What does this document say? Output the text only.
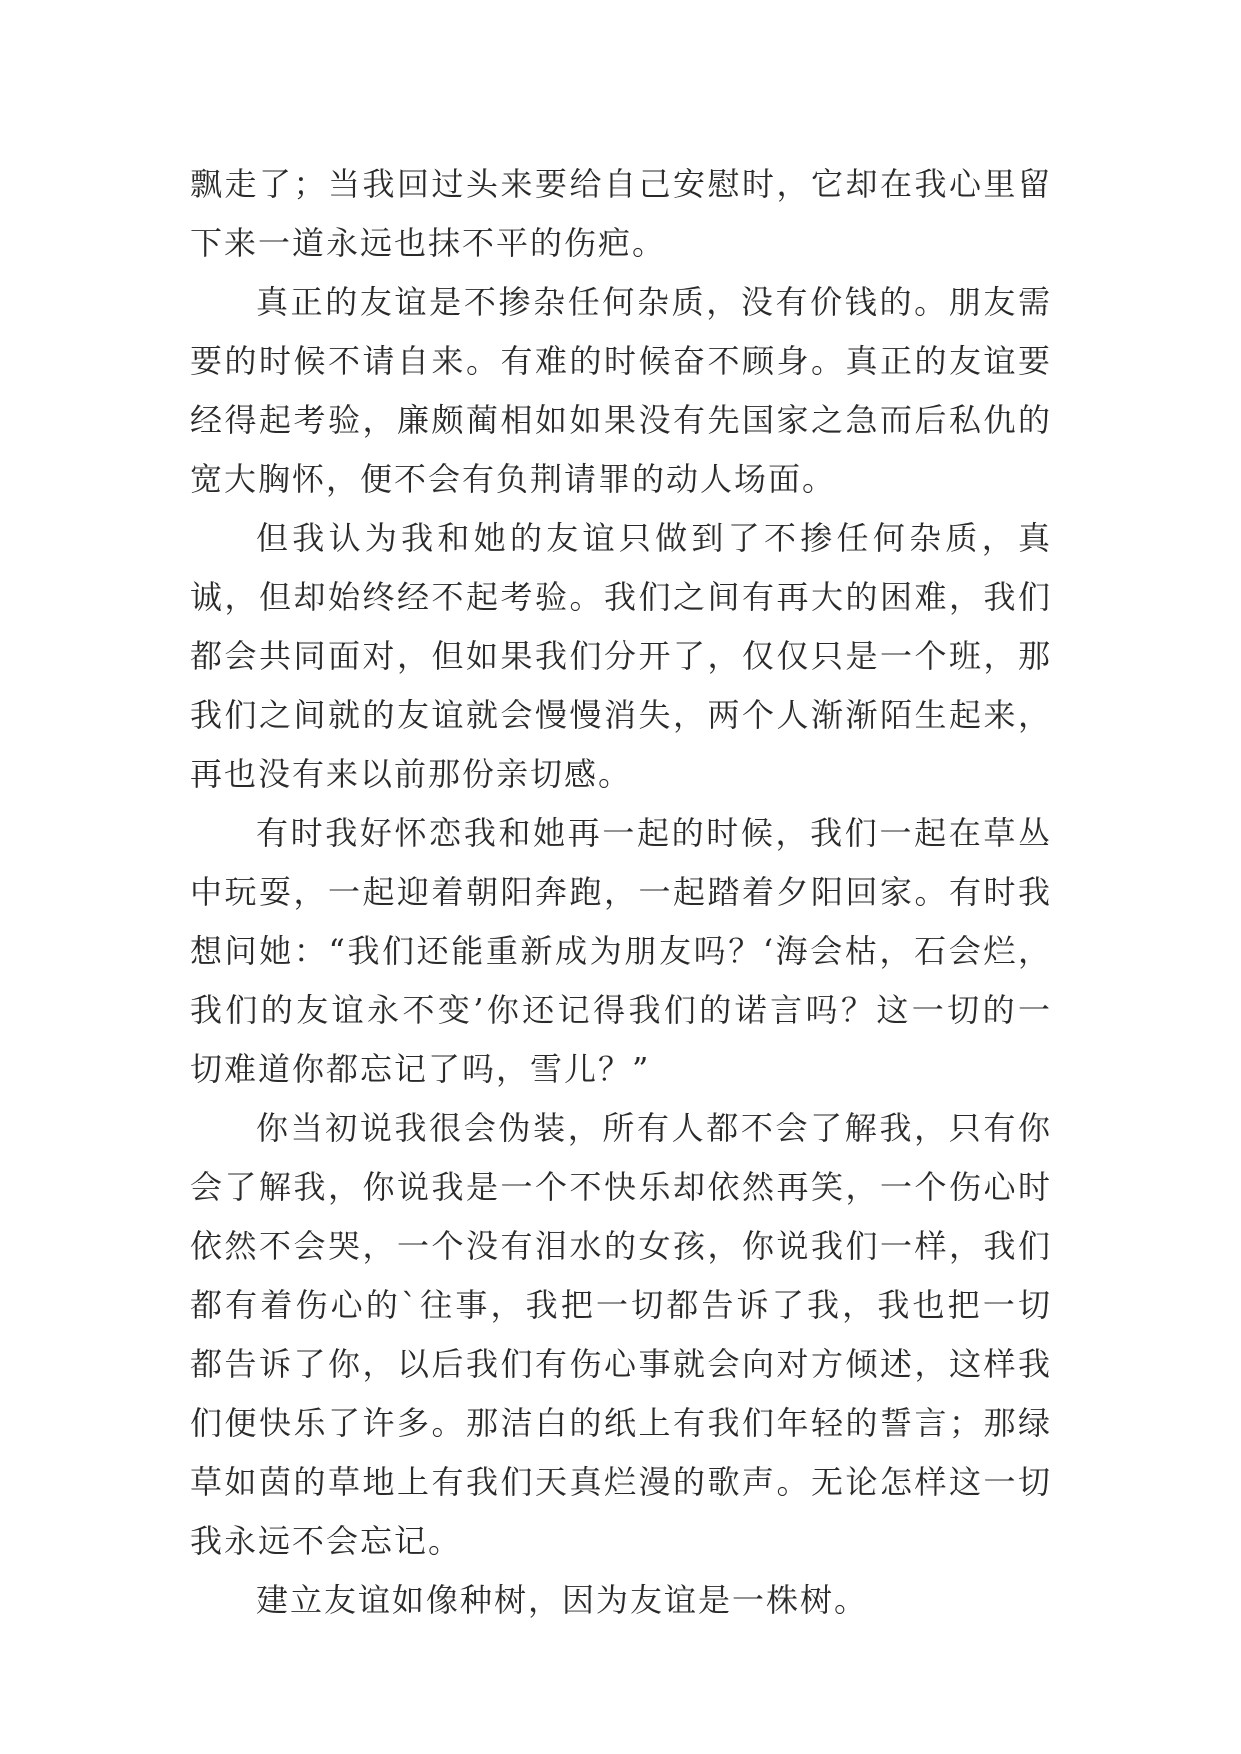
飘走了；当我回过头来要给自己安慰时，它却在我心里留下来一道永远也抹不平的伤疤。

真正的友谊是不掺杂任何杂质，没有价钱的。朋友需要的时候不请自来。有难的时候奋不顾身。真正的友谊要经得起考验，廉颇蔺相如如果没有先国家之急而后私仇的宽大胸怀，便不会有负荆请罪的动人场面。

但我认为我和她的友谊只做到了不掺任何杂质，真诚，但却始终经不起考验。我们之间有再大的困难，我们都会共同面对，但如果我们分开了，仅仅只是一个班，那我们之间就的友谊就会慢慢消失，两个人渐渐陌生起来，再也没有来以前那份亲切感。

有时我好怀恋我和她再一起的时候，我们一起在草丛中玩耍，一起迎着朝阳奔跑，一起踏着夕阳回家。有时我想问她：“我们还能重新成为朋友吗？‘海会枯，石会烂，我们的友谊永不变’你还记得我们的诺言吗？这一切的一切难道你都忘记了吗，雪儿？”

你当初说我很会伪装，所有人都不会了解我，只有你会了解我，你说我是一个不快乐却依然再笑，一个伤心时依然不会哭，一个没有泪水的女孩，你说我们一样，我们都有着伤心的`往事，我把一切都告诉了我，我也把一切都告诉了你，以后我们有伤心事就会向对方倾述，这样我们便快乐了许多。那洁白的纸上有我们年轻的誓言；那绿草如茵的草地上有我们天真烂漫的歌声。无论怎样这一切我永远不会忘记。

建立友谊如像种树，因为友谊是一株树。
